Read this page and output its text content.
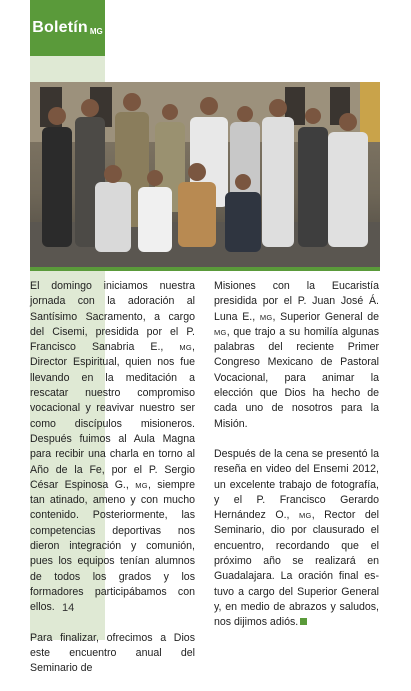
Boletín MG

El domingo iniciamos nuestra jornada con la adoración al Santísimo Sacramento, a cargo del Cisemi, presidida por el P. Francisco Sanabria E., MG, Director Espiritual, quien nos fue llevando en la meditación a rescatar nuestro compromiso vocacional y reavivar nuestro ser como discípulos misioneros. Después fuimos al Aula Magna para recibir una charla en torno al Año de la Fe, por el P. Sergio César Espinosa G., MG, siempre tan atinado, ameno y con mucho contenido. Posteriormente, las competencias deportivas nos dieron integración y comunión, pues los equipos tenían alumnos de todos los grados y los formadores participábamos con ellos.

Para finalizar, ofrecimos a Dios este encuentro anual del Seminario de

Misiones con la Eucaristía presidida por el P. Juan José Á. Luna E., MG, Superior General de MG, que trajo a su homilía algunas palabras del reciente Primer Congreso Mexicano de Pastoral Vocacional, para animar la elección que Dios ha hecho de cada uno de nosotros para la Misión.

Después de la cena se presentó la reseña en video del Ensemi 2012, un excelente trabajo de fotografía, y el P. Francisco Gerardo Hernández O., MG, Rector del Seminario, dio por clausurado el encuentro, recordando que el próximo año se realizará en Guadalajara. La oración final estuvo a cargo del Superior General y, en medio de abrazos y saludos, nos dijimos adiós.

14
